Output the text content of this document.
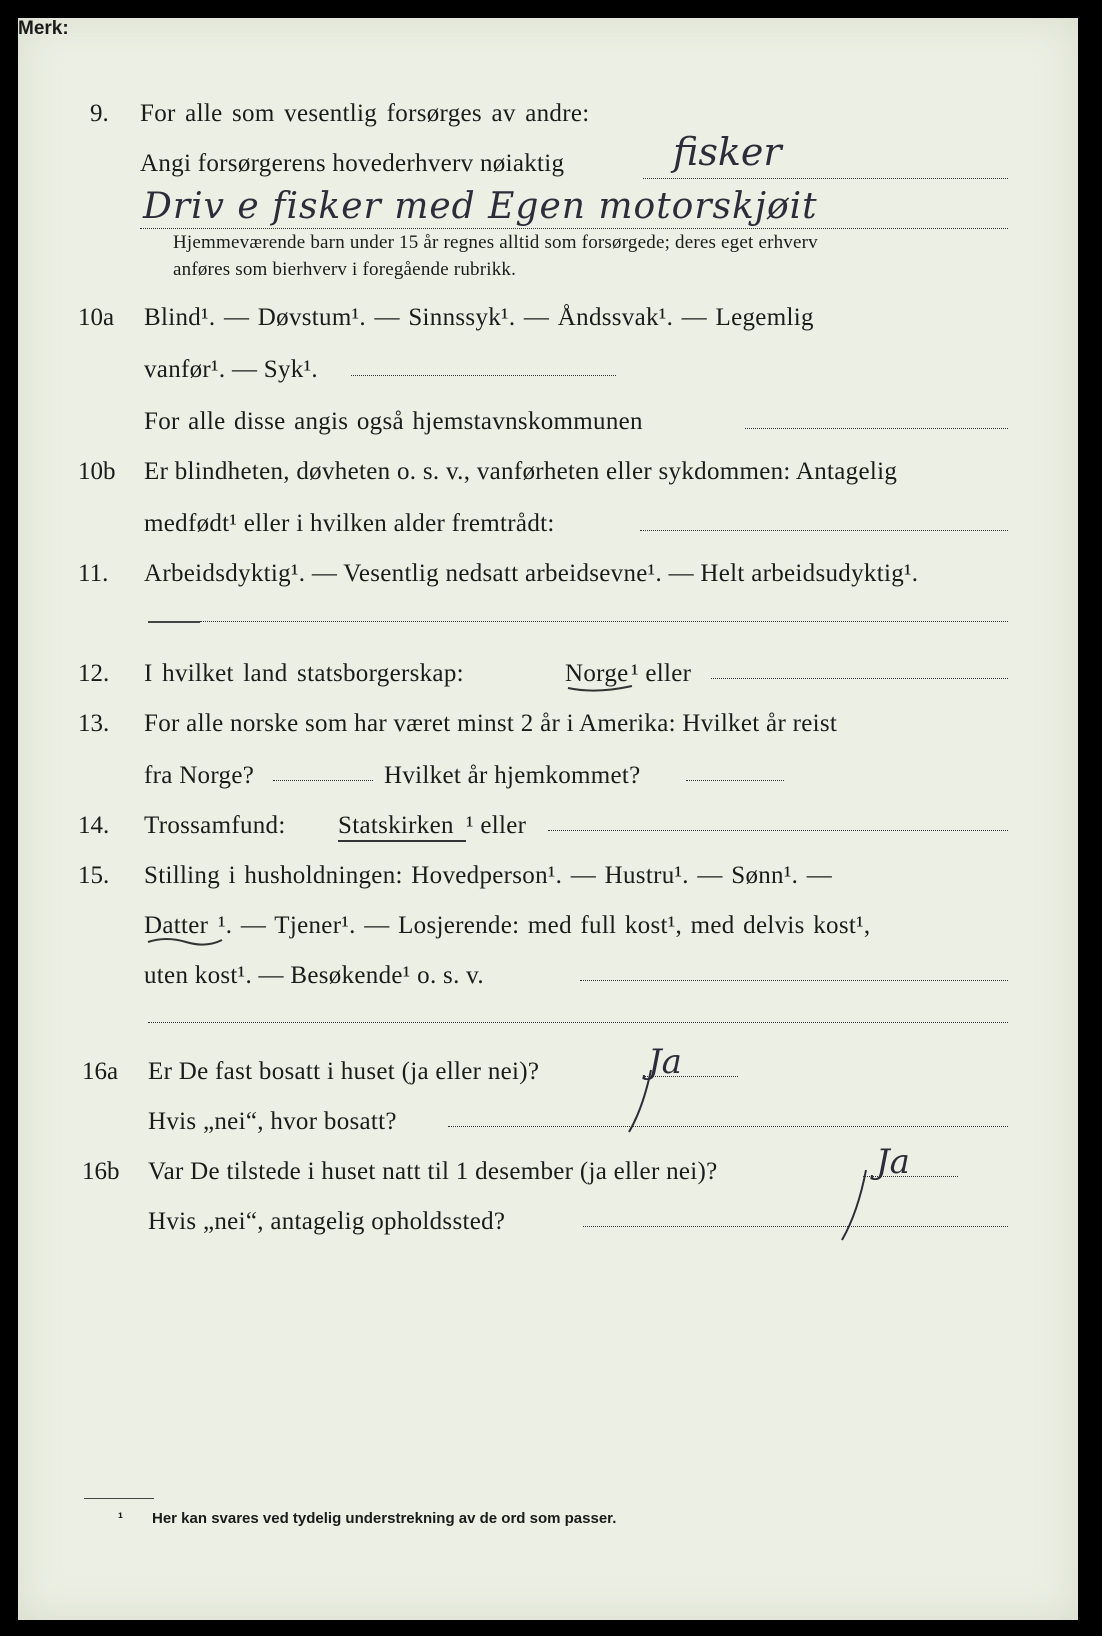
9. For alle som vesentlig forsørges av andre:
Angi forsørgerens hovederhverv nøiaktig	fisker
Driv e fisker med Egen motorskjøit
Merk:
Hjemmeværende barn under 15 år regnes alltid som forsørgede; deres eget erhverv
anføres som bierhverv i foregående rubrikk.
10a Blind¹. — Døvstum¹. — Sinnssyk¹. — Åndssvak¹. — Legemlig
vanfør¹. — Syk¹.
For alle disse angis også hjemstavnskommunen
10b Er blindheten, døvheten o. s. v., vanførheten eller sykdommen: Antagelig
medfødt¹ eller i hvilken alder fremtrådt:
11. Arbeidsdyktig¹. — Vesentlig nedsatt arbeidsevne¹. — Helt arbeidsudyktig¹.
12. I hvilket land statsborgerskap:	Norge ¹ eller
13. For alle norske som har været minst 2 år i Amerika: Hvilket år reist
fra Norge?	Hvilket år hjemkommet?
14. Trossamfund: Statskirken ¹ eller
15. Stilling i husholdningen: Hovedperson¹. — Hustru¹. — Sønn¹. —
Datter ¹. — Tjener¹. — Losjerende: med full kost¹, med delvis kost¹,
uten kost¹. — Besøkende¹ o. s. v.
16a Er De fast bosatt i huset (ja eller nei)?	Ja
Hvis „nei“, hvor bosatt?
16b Var De tilstede i huset natt til 1 desember (ja eller nei)?	Ja
Hvis „nei“, antagelig opholdssted?
¹ Her kan svares ved tydelig understrekning av de ord som passer.
